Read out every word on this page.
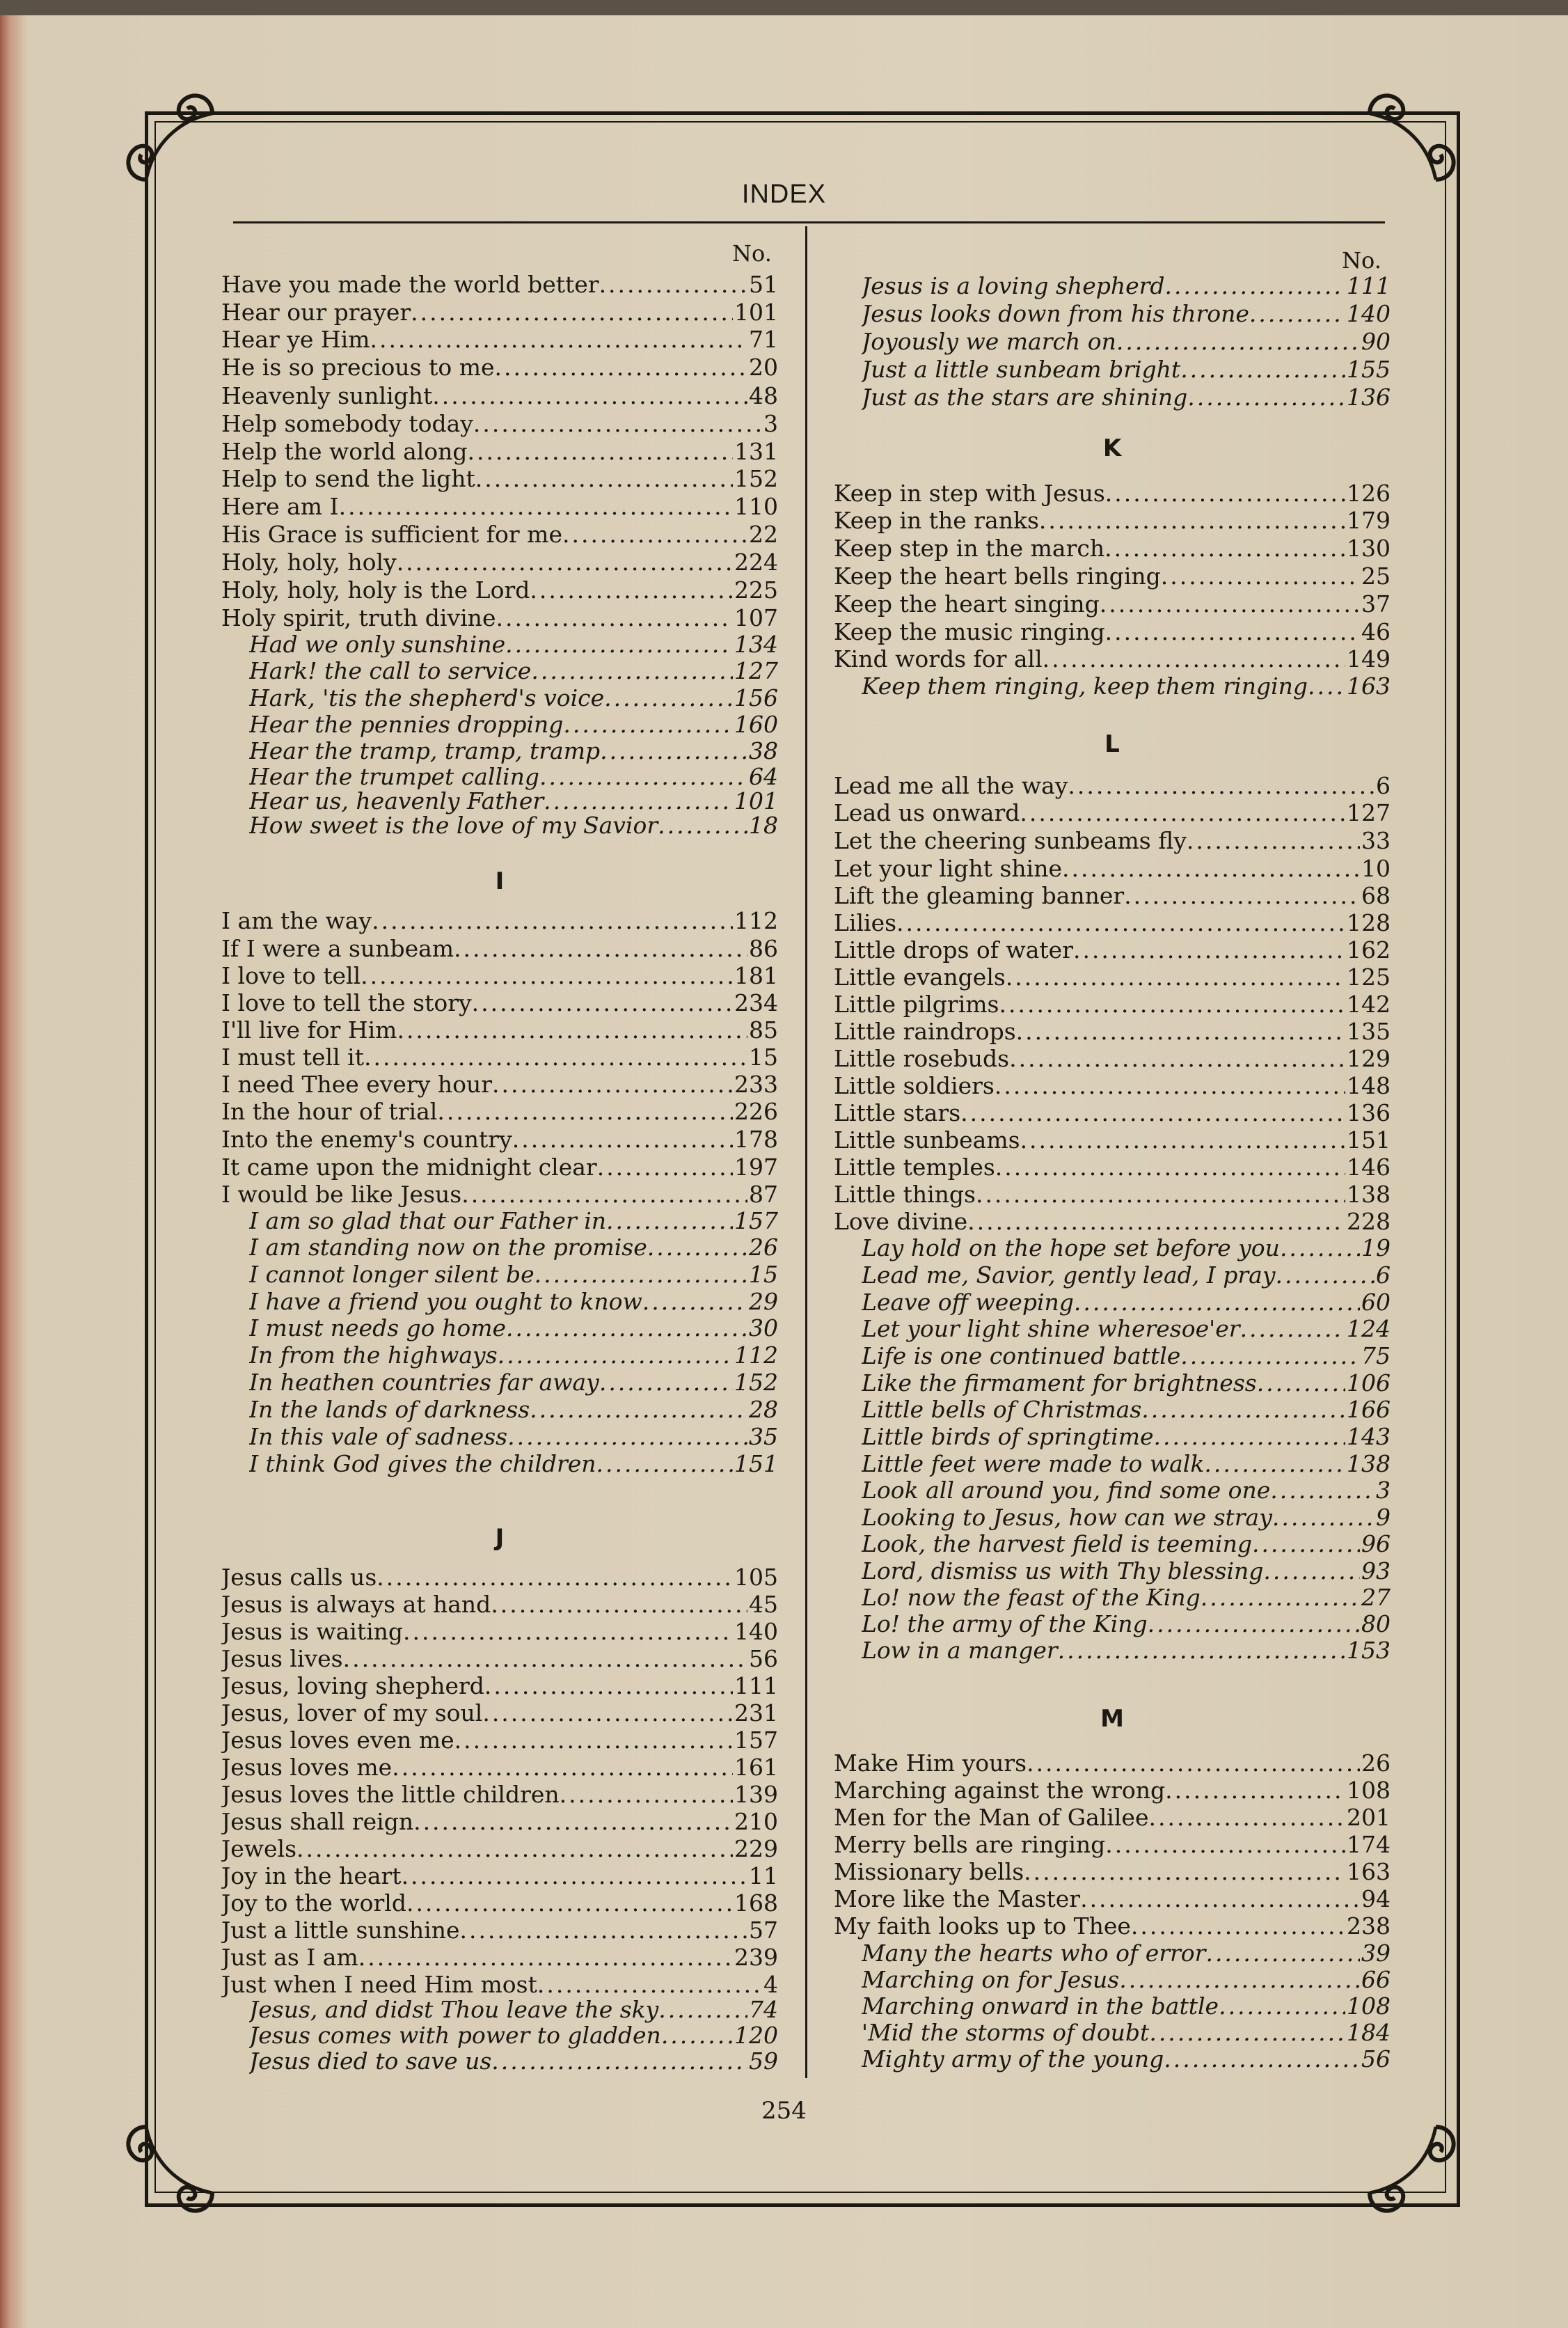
INDEX
No.	No.
Have you made the world better .....	51
Hear our prayer .....	101
Hear ye Him .....	71
He is so precious to me .....	20
Heavenly sunlight .....	48
Help somebody today .....	3
Help the world along .....	131
Help to send the light .....	152
Here am I .....	110
His Grace is sufficient for me .....	22
Holy, holy, holy .....	224
Holy, holy, holy is the Lord .....	225
Holy spirit, truth divine .....	107
Had we only sunshine .....	134
Hark! the call to service .....	127
Hark, 'tis the shepherd's voice .....	156
Hear the pennies dropping .....	160
Hear the tramp, tramp, tramp .....	38
Hear the trumpet calling .....	64
Hear us, heavenly Father .....	101
How sweet is the love of my Savior .....	18
I am the way .....	112
If I were a sunbeam .....	86
I love to tell .....	181
I love to tell the story .....	234
I'll live for Him .....	85
I must tell it .....	15
I need Thee every hour .....	233
In the hour of trial .....	226
Into the enemy's country .....	178
It came upon the midnight clear .....	197
I would be like Jesus .....	87
I am so glad that our Father in .....	157
I am standing now on the promise .....	26
I cannot longer silent be .....	15
I have a friend you ought to know .....	29
I must needs go home .....	30
In from the highways .....	112
In heathen countries far away .....	152
In the lands of darkness .....	28
In this vale of sadness .....	35
I think God gives the children .....	151
Jesus calls us .....	105
Jesus is always at hand .....	45
Jesus is waiting .....	140
Jesus lives .....	56
Jesus, loving shepherd .....	111
Jesus, lover of my soul .....	231
Jesus loves even me .....	157
Jesus loves me .....	161
Jesus loves the little children .....	139
Jesus shall reign .....	210
Jewels .....	229
Joy in the heart .....	11
Joy to the world .....	168
Just a little sunshine .....	57
Just as I am .....	239
Just when I need Him most .....	4
Jesus, and didst Thou leave the sky .....	74
Jesus comes with power to gladden .....	120
Jesus died to save us .....	59
I
J
Jesus is a loving shepherd .....	111
Jesus looks down from his throne .....	140
Joyously we march on .....	90
Just a little sunbeam bright .....	155
Just as the stars are shining .....	136
Keep in step with Jesus .....	126
Keep in the ranks .....	179
Keep step in the march .....	130
Keep the heart bells ringing .....	25
Keep the heart singing .....	37
Keep the music ringing .....	46
Kind words for all .....	149
Keep them ringing, keep them ringing ..... 163
Lead me all the way .....	6
Lead us onward .....	127
Let the cheering sunbeams fly .....	33
Let your light shine .....	10
Lift the gleaming banner .....	68
Lilies .....	128
Little drops of water .....	162
Little evangels .....	125
Little pilgrims .....	142
Little raindrops .....	135
Little rosebuds .....	129
Little soldiers .....	148
Little stars .....	136
Little sunbeams .....	151
Little temples .....	146
Little things .....	138
Love divine .....	228
Lay hold on the hope set before you .....	19
Lead me, Savior, gently lead, I pray .....	6
Leave off weeping .....	60
Let your light shine wheresoe'er .....	124
Life is one continued battle .....	75
Like the firmament for brightness .....	106
Little bells of Christmas .....	166
Little birds of springtime .....	143
Little feet were made to walk .....	138
Look all around you, find some one .....	3
Looking to Jesus, how can we stray .....	9
Look, the harvest field is teeming .....	96
Lord, dismiss us with Thy blessing .....	93
Lo! now the feast of the King .....	27
Lo! the army of the King .....	80
Low in a manger .....	153
Make Him yours .....	26
Marching against the wrong .....	108
Men for the Man of Galilee .....	201
Merry bells are ringing .....	174
Missionary bells .....	163
More like the Master .....	94
My faith looks up to Thee .....	238
Many the hearts who of error .....	39
Marching on for Jesus .....	66
Marching onward in the battle .....	108
'Mid the storms of doubt .....	184
Mighty army of the young .....	56
K
L
M
254
